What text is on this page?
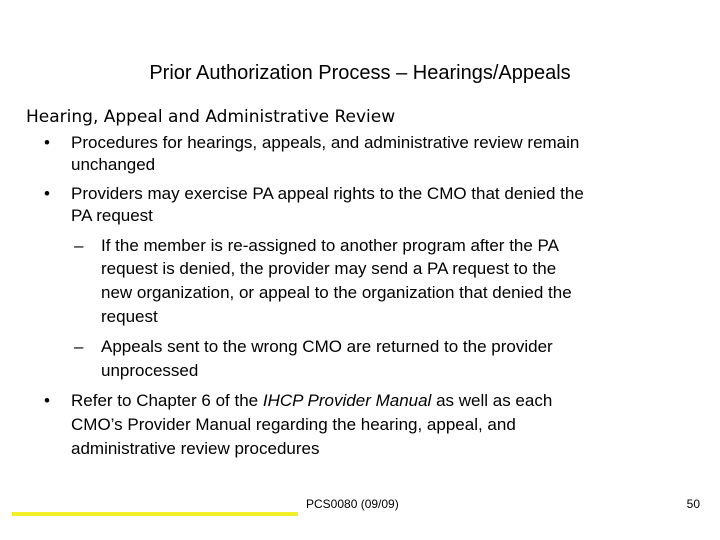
Prior Authorization Process – Hearings/Appeals
Hearing, Appeal and Administrative Review
• Procedures for hearings, appeals, and administrative review remain
unchanged
• Providers may exercise PA appeal rights to the CMO that denied the
PA request
– If the member is re-assigned to another program after the PA
request is denied, the provider may send a PA request to the
new organization, or appeal to the organization that denied the
request
– Appeals sent to the wrong CMO are returned to the provider
unprocessed
• Refer to Chapter 6 of the IHCP Provider Manual as well as each
CMO’s Provider Manual regarding the hearing, appeal, and
administrative review procedures
PCS0080 (09/09)	50
